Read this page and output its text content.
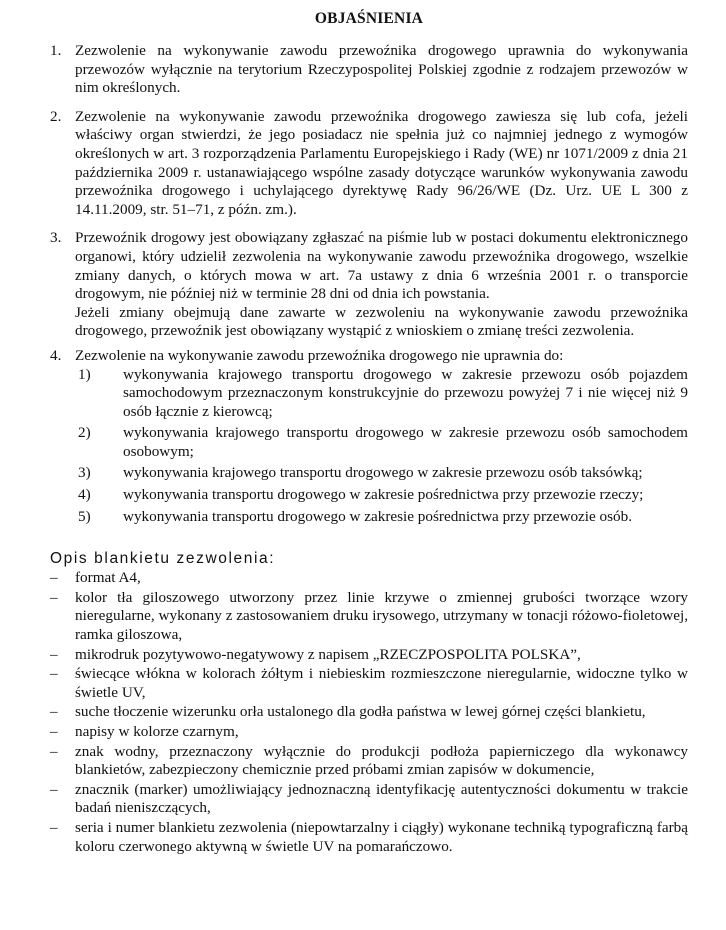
OBJAŚNIENIA
1. Zezwolenie na wykonywanie zawodu przewoźnika drogowego uprawnia do wykonywania przewozów wyłącznie na terytorium Rzeczypospolitej Polskiej zgodnie z rodzajem przewozów w nim określonych.

2. Zezwolenie na wykonywanie zawodu przewoźnika drogowego zawiesza się lub cofa, jeżeli właściwy organ stwierdzi, że jego posiadacz nie spełnia już co najmniej jednego z wymogów określonych w art. 3 rozporządzenia Parlamentu Europejskiego i Rady (WE) nr 1071/2009 z dnia 21 października 2009 r. ustanawiającego wspólne zasady dotyczące warunków wykonywania zawodu przewoźnika drogowego i uchylającego dyrektywę Rady 96/26/WE (Dz. Urz. UE L 300 z 14.11.2009, str. 51–71, z późn. zm.).

3. Przewoźnik drogowy jest obowiązany zgłaszać na piśmie lub w postaci dokumentu elektronicznego organowi, który udzielił zezwolenia na wykonywanie zawodu przewoźnika drogowego, wszelkie zmiany danych, o których mowa w art. 7a ustawy z dnia 6 września 2001 r. o transporcie drogowym, nie później niż w terminie 28 dni od dnia ich powstania.

Jeżeli zmiany obejmują dane zawarte w zezwoleniu na wykonywanie zawodu przewoźnika drogowego, przewoźnik jest obowiązany wystąpić z wnioskiem o zmianę treści zezwolenia.

4. Zezwolenie na wykonywanie zawodu przewoźnika drogowego nie uprawnia do:

1) wykonywania krajowego transportu drogowego w zakresie przewozu osób pojazdem samochodowym przeznaczonym konstrukcyjnie do przewozu powyżej 7 i nie więcej niż 9 osób łącznie z kierowcą;
2) wykonywania krajowego transportu drogowego w zakresie przewozu osób samochodem osobowym;
3) wykonywania krajowego transportu drogowego w zakresie przewozu osób taksówką;
4) wykonywania transportu drogowego w zakresie pośrednictwa przy przewozie rzeczy;
5) wykonywania transportu drogowego w zakresie pośrednictwa przy przewozie osób.
Opis blankietu zezwolenia:
– format A4,
– kolor tła giloszowego utworzony przez linie krzywe o zmiennej grubości tworzące wzory nieregularne, wykonany z zastosowaniem druku irysowego, utrzymany w tonacji różowo-fioletowej, ramka giloszowa,
– mikrodruk pozytywowo-negatywowy z napisem „RZECZPOSPOLITA POLSKA”,
– świecące włókna w kolorach żółtym i niebieskim rozmieszczone nieregularnie, widoczne tylko w świetle UV,
– suche tłoczenie wizerunku orła ustalonego dla godła państwa w lewej górnej części blankietu,
– napisy w kolorze czarnym,
– znak wodny, przeznaczony wyłącznie do produkcji podłoża papierniczego dla wykonawcy blankietów, zabezpieczony chemicznie przed próbami zmian zapisów w dokumencie,
– znacznik (marker) umożliwiający jednoznaczną identyfikację autentyczności dokumentu w trakcie badań nieniszczących,
– seria i numer blankietu zezwolenia (niepowtarzalny i ciągły) wykonane techniką typograficzną farbą koloru czerwonego aktywną w świetle UV na pomarańczowo.
